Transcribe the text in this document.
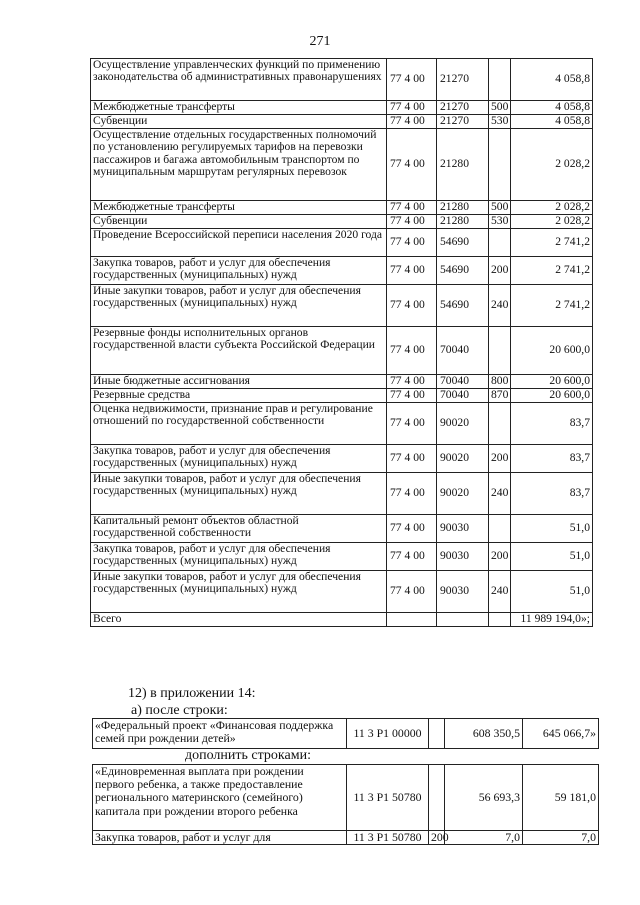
271
Осуществление управленческих функций по применению законодательства об административных правонарушениях	77 4 00	21270		4 058,8
Межбюджетные трансферты	77 4 00	21270	500	4 058,8
Субвенции	77 4 00	21270	530	4 058,8
Осуществление отдельных государственных полномочий по установлению регулируемых тарифов на перевозки пассажиров и багажа автомобильным транспортом по муниципальным маршрутам регулярных перевозок	77 4 00	21280		2 028,2
Межбюджетные трансферты	77 4 00	21280	500	2 028,2
Субвенции	77 4 00	21280	530	2 028,2
Проведение Всероссийской переписи населения 2020 года	77 4 00	54690		2 741,2
Закупка товаров, работ и услуг для обеспечения государственных (муниципальных) нужд	77 4 00	54690	200	2 741,2
Иные закупки товаров, работ и услуг для обеспечения государственных (муниципальных) нужд	77 4 00	54690	240	2 741,2
Резервные фонды исполнительных органов государственной власти субъекта Российской Федерации	77 4 00	70040		20 600,0
Иные бюджетные ассигнования	77 4 00	70040	800	20 600,0
Резервные средства	77 4 00	70040	870	20 600,0
Оценка недвижимости, признание прав и регулирование отношений по государственной собственности	77 4 00	90020		83,7
Закупка товаров, работ и услуг для обеспечения государственных (муниципальных) нужд	77 4 00	90020	200	83,7
Иные закупки товаров, работ и услуг для обеспечения государственных (муниципальных) нужд	77 4 00	90020	240	83,7
Капитальный ремонт объектов областной государственной собственности	77 4 00	90030		51,0
Закупка товаров, работ и услуг для обеспечения государственных (муниципальных) нужд	77 4 00	90030	200	51,0
Иные закупки товаров, работ и услуг для обеспечения государственных (муниципальных) нужд	77 4 00	90030	240	51,0
Всего				11 989 194,0»;
12) в приложении 14:
а) после строки:
«Федеральный проект «Финансовая поддержка семей при рождении детей»	11 3 P1 00000		608 350,5	645 066,7»
дополнить строками:
«Единовременная выплата при рождении первого ребенка, а также предоставление регионального материнского (семейного) капитала при рождении второго ребенка	11 3 P1 50780		56 693,3	59 181,0
Закупка товаров, работ и услуг для	11 3 P1 50780	200	7,0	7,0
